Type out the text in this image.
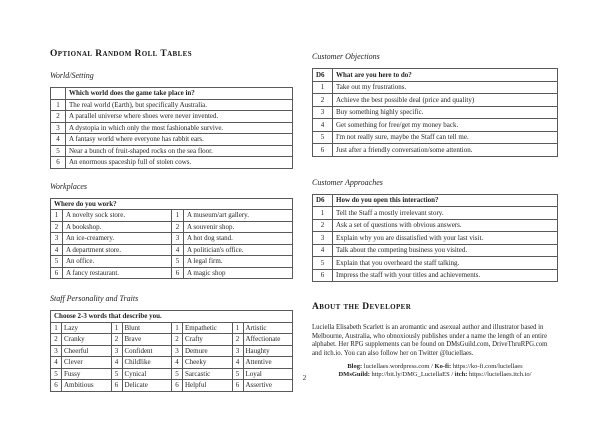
Optional Random Roll Tables
World/Setting
	Which world does the game take place in?
1	The real world (Earth), but specifically Australia.
2	A parallel universe where shoes were never invented.
3	A dystopia in which only the most fashionable survive.
4	A fantasy world where everyone has rabbit ears.
5	Near a bunch of fruit-shaped rocks on the sea floor.
6	An enormous spaceship full of stolen cows.
Workplaces
Where do you work?			
1	A novelty sock store.	1	A museum/art gallery.
2	A bookshop.	2	A souvenir shop.
3	An ice-creamery.	3	A hot dog stand.
4	A department store.	4	A politician's office.
5	An office.	5	A legal firm.
6	A fancy restaurant.	6	A magic shop
Staff Personality and Traits
Choose 2-3 words that describe you.							
1	Lazy	1	Blunt	1	Empathetic	1	Artistic
2	Cranky	2	Brave	2	Crafty	2	Affectionate
3	Cheerful	3	Confident	3	Demure	3	Haughty
4	Clever	4	Childlike	4	Cheeky	4	Attentive
5	Fussy	5	Cynical	5	Sarcastic	5	Loyal
6	Ambitious	6	Delicate	6	Helpful	6	Assertive
Customer Objections
D6	What are you here to do?
1	Take out my frustrations.
2	Achieve the best possible deal (price and quality)
3	Buy something highly specific.
4	Get something for free/get my money back.
5	I'm not really sure, maybe the Staff can tell me.
6	Just after a friendly conversation/some attention.
Customer Approaches
D6	How do you open this interaction?
1	Tell the Staff a mostly irrelevant story.
2	Ask a set of questions with obvious answers.
3	Explain why you are dissatisfied with your last visit.
4	Talk about the competing business you visited.
5	Explain that you overheard the staff talking.
6	Impress the staff with your titles and achievements.
About the Developer

Luciella Elisabeth Scarlett is an aromantic and asexual author and illustrator based in Melbourne, Australia, who obnoxiously publishes under a name the length of an entire alphabet. Her RPG supplements can be found on DMsGuild.com, DriveThruRPG.com and itch.io. You can also follow her on Twitter @luciellaes.

Blog: luciellaes.wordpress.com / Ko-fi: https://ko-fi.com/luciellaes
DMsGuild: http://bit.ly/DMG_LuciellaES / itch: https://luciellaes.itch.io/
2
